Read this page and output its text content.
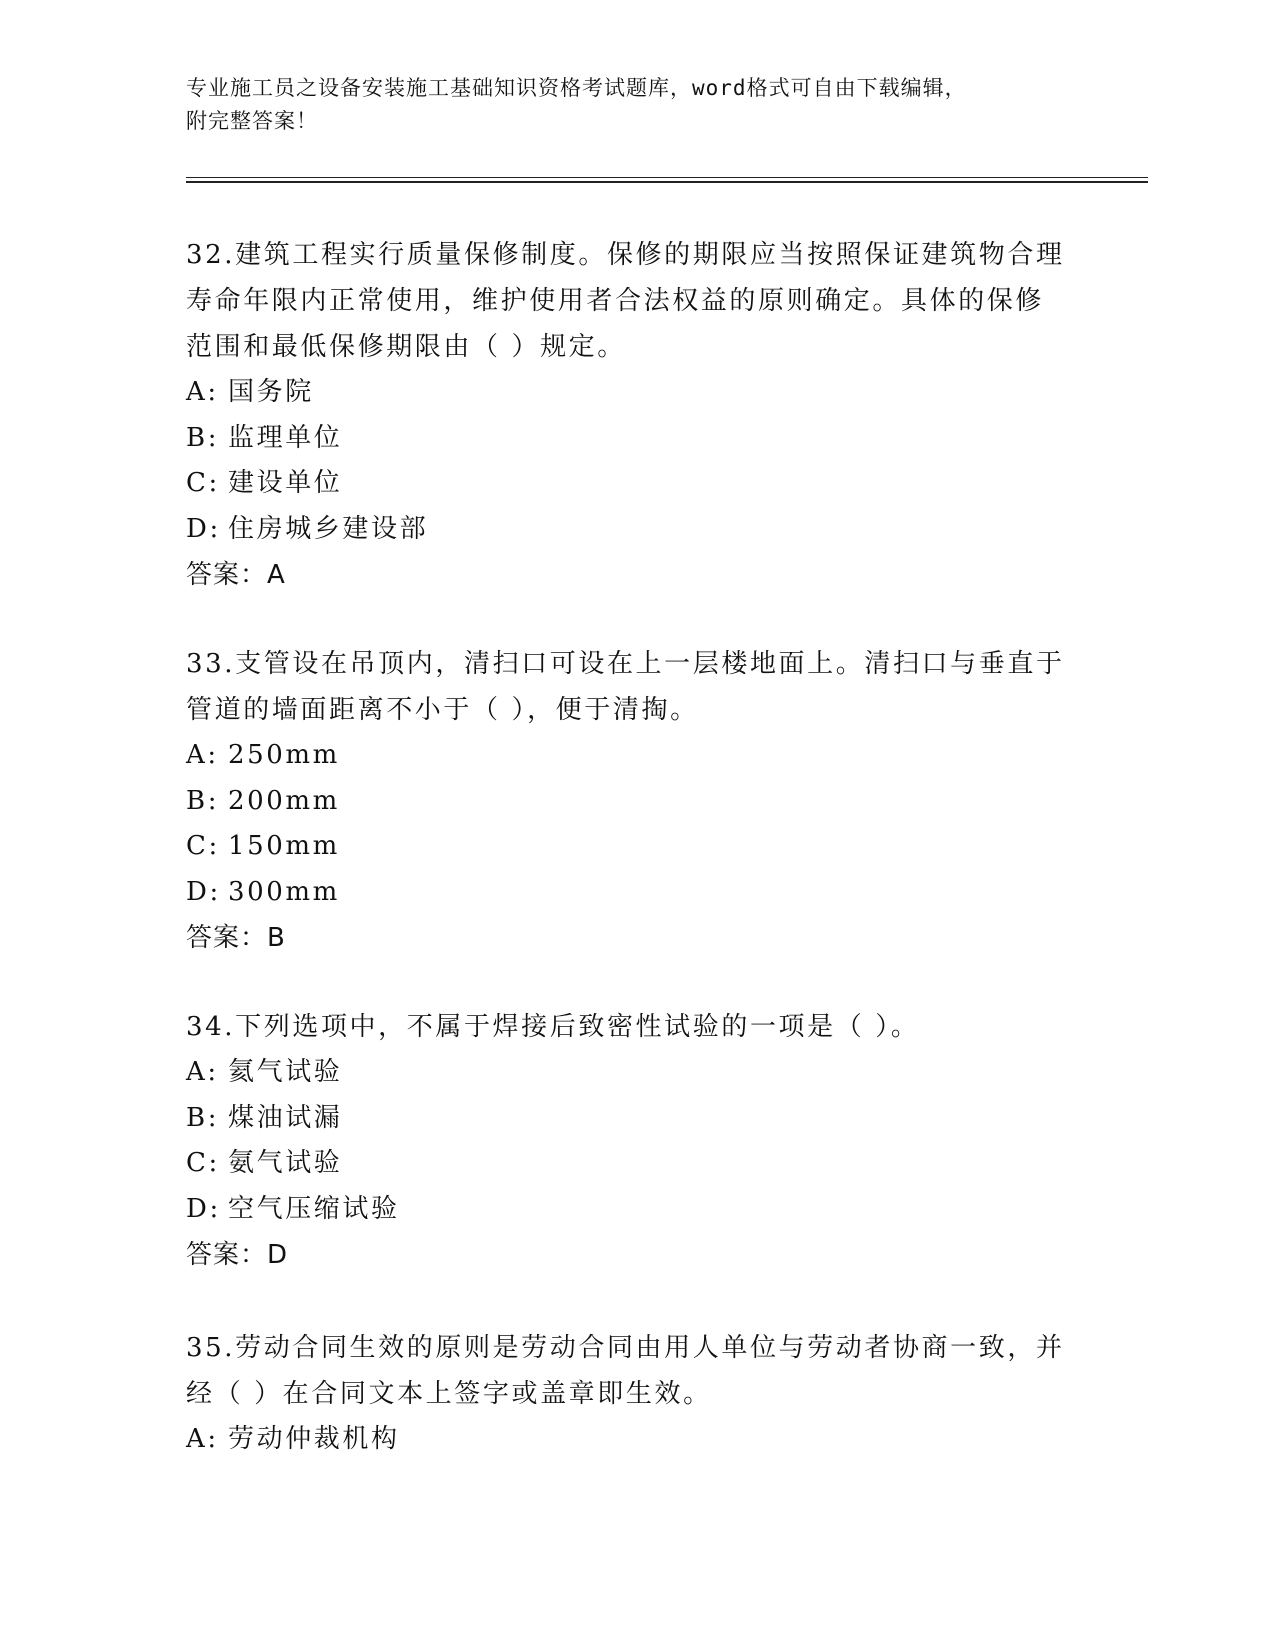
专业施工员之设备安装施工基础知识资格考试题库，word格式可自由下载编辑，
附完整答案！

32.建筑工程实行质量保修制度。保修的期限应当按照保证建筑物合理
寿命年限内正常使用，维护使用者合法权益的原则确定。具体的保修
范围和最低保修期限由（ ）规定。

A: 国务院

B: 监理单位

C: 建设单位

D: 住房城乡建设部

答案：A

33.支管设在吊顶内，清扫口可设在上一层楼地面上。清扫口与垂直于
管道的墙面距离不小于（ ），便于清掏。

A: 250mm

B: 200mm

C: 150mm

D: 300mm

答案：B

34.下列选项中，不属于焊接后致密性试验的一项是（ ）。

A: 氦气试验

B: 煤油试漏

C: 氨气试验

D: 空气压缩试验

答案：D

35.劳动合同生效的原则是劳动合同由用人单位与劳动者协商一致，并
经（ ）在合同文本上签字或盖章即生效。

A: 劳动仲裁机构
